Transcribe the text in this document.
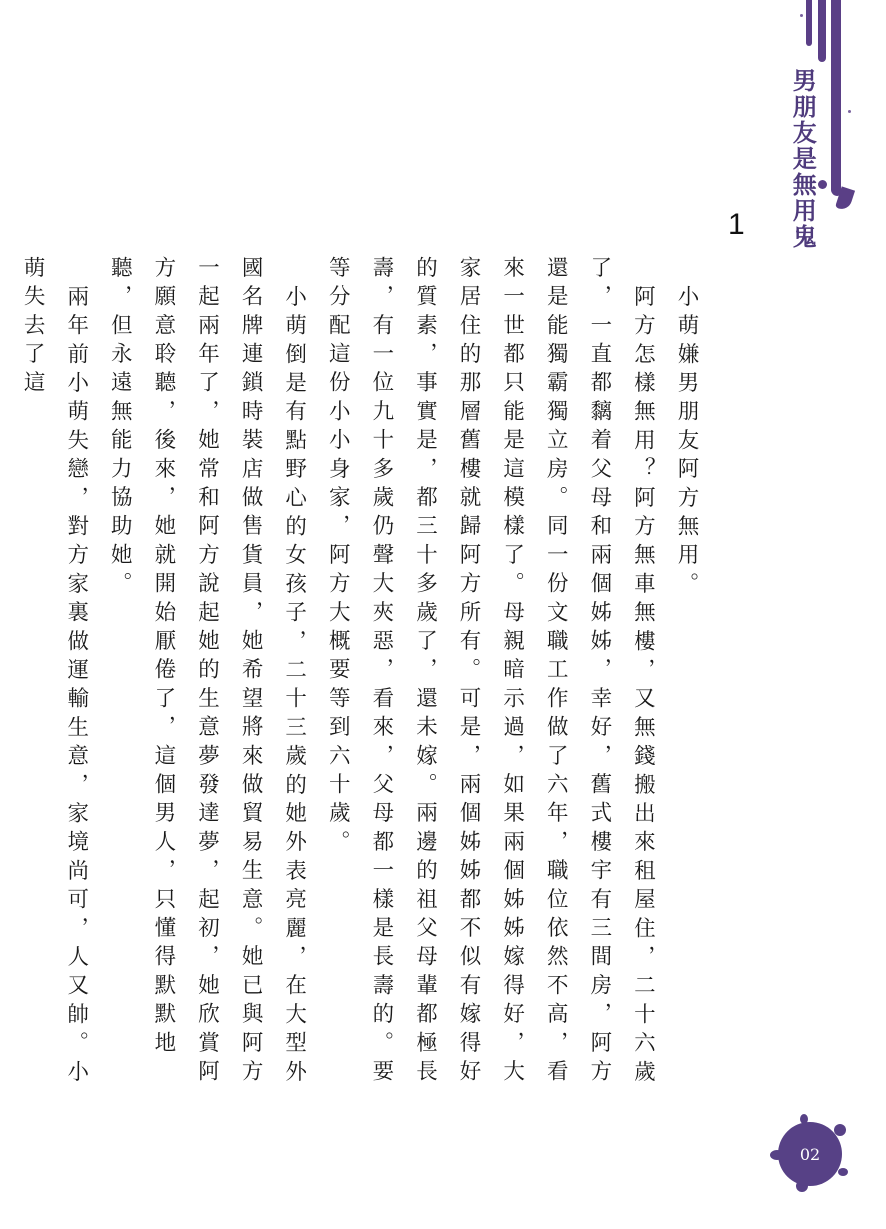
男朋友是無用鬼
1

小萌嫌男朋友阿方無用。

阿方怎樣無用？阿方無車無樓，又無錢搬出來租屋住，二十六歲了，一直都黐着父母和兩個姊姊，幸好，舊式樓宇有三間房，阿方還是能獨霸獨立房。同一份文職工作做了六年，職位依然不高，看來一世都只能是這模樣了。母親暗示過，如果兩個姊姊嫁得好，大家居住的那層舊樓就歸阿方所有。可是，兩個姊姊都不似有嫁得好的質素，事實是，都三十多歲了，還未嫁。兩邊的祖父母輩都極長壽，有一位九十多歲仍聲大夾惡，看來，父母都一樣是長壽的。要等分配這份小小身家，阿方大概要等到六十歲。

小萌倒是有點野心的女孩子，二十三歲的她外表亮麗，在大型外國名牌連鎖時裝店做售貨員，她希望將來做貿易生意。她已與阿方一起兩年了，她常和阿方說起她的生意夢發達夢，起初，她欣賞阿方願意聆聽，後來，她就開始厭倦了，這個男人，只懂得默默地聽，但永遠無能力協助她。

兩年前小萌失戀，對方家裏做運輸生意，家境尚可，人又帥。小萌失去了這

02
